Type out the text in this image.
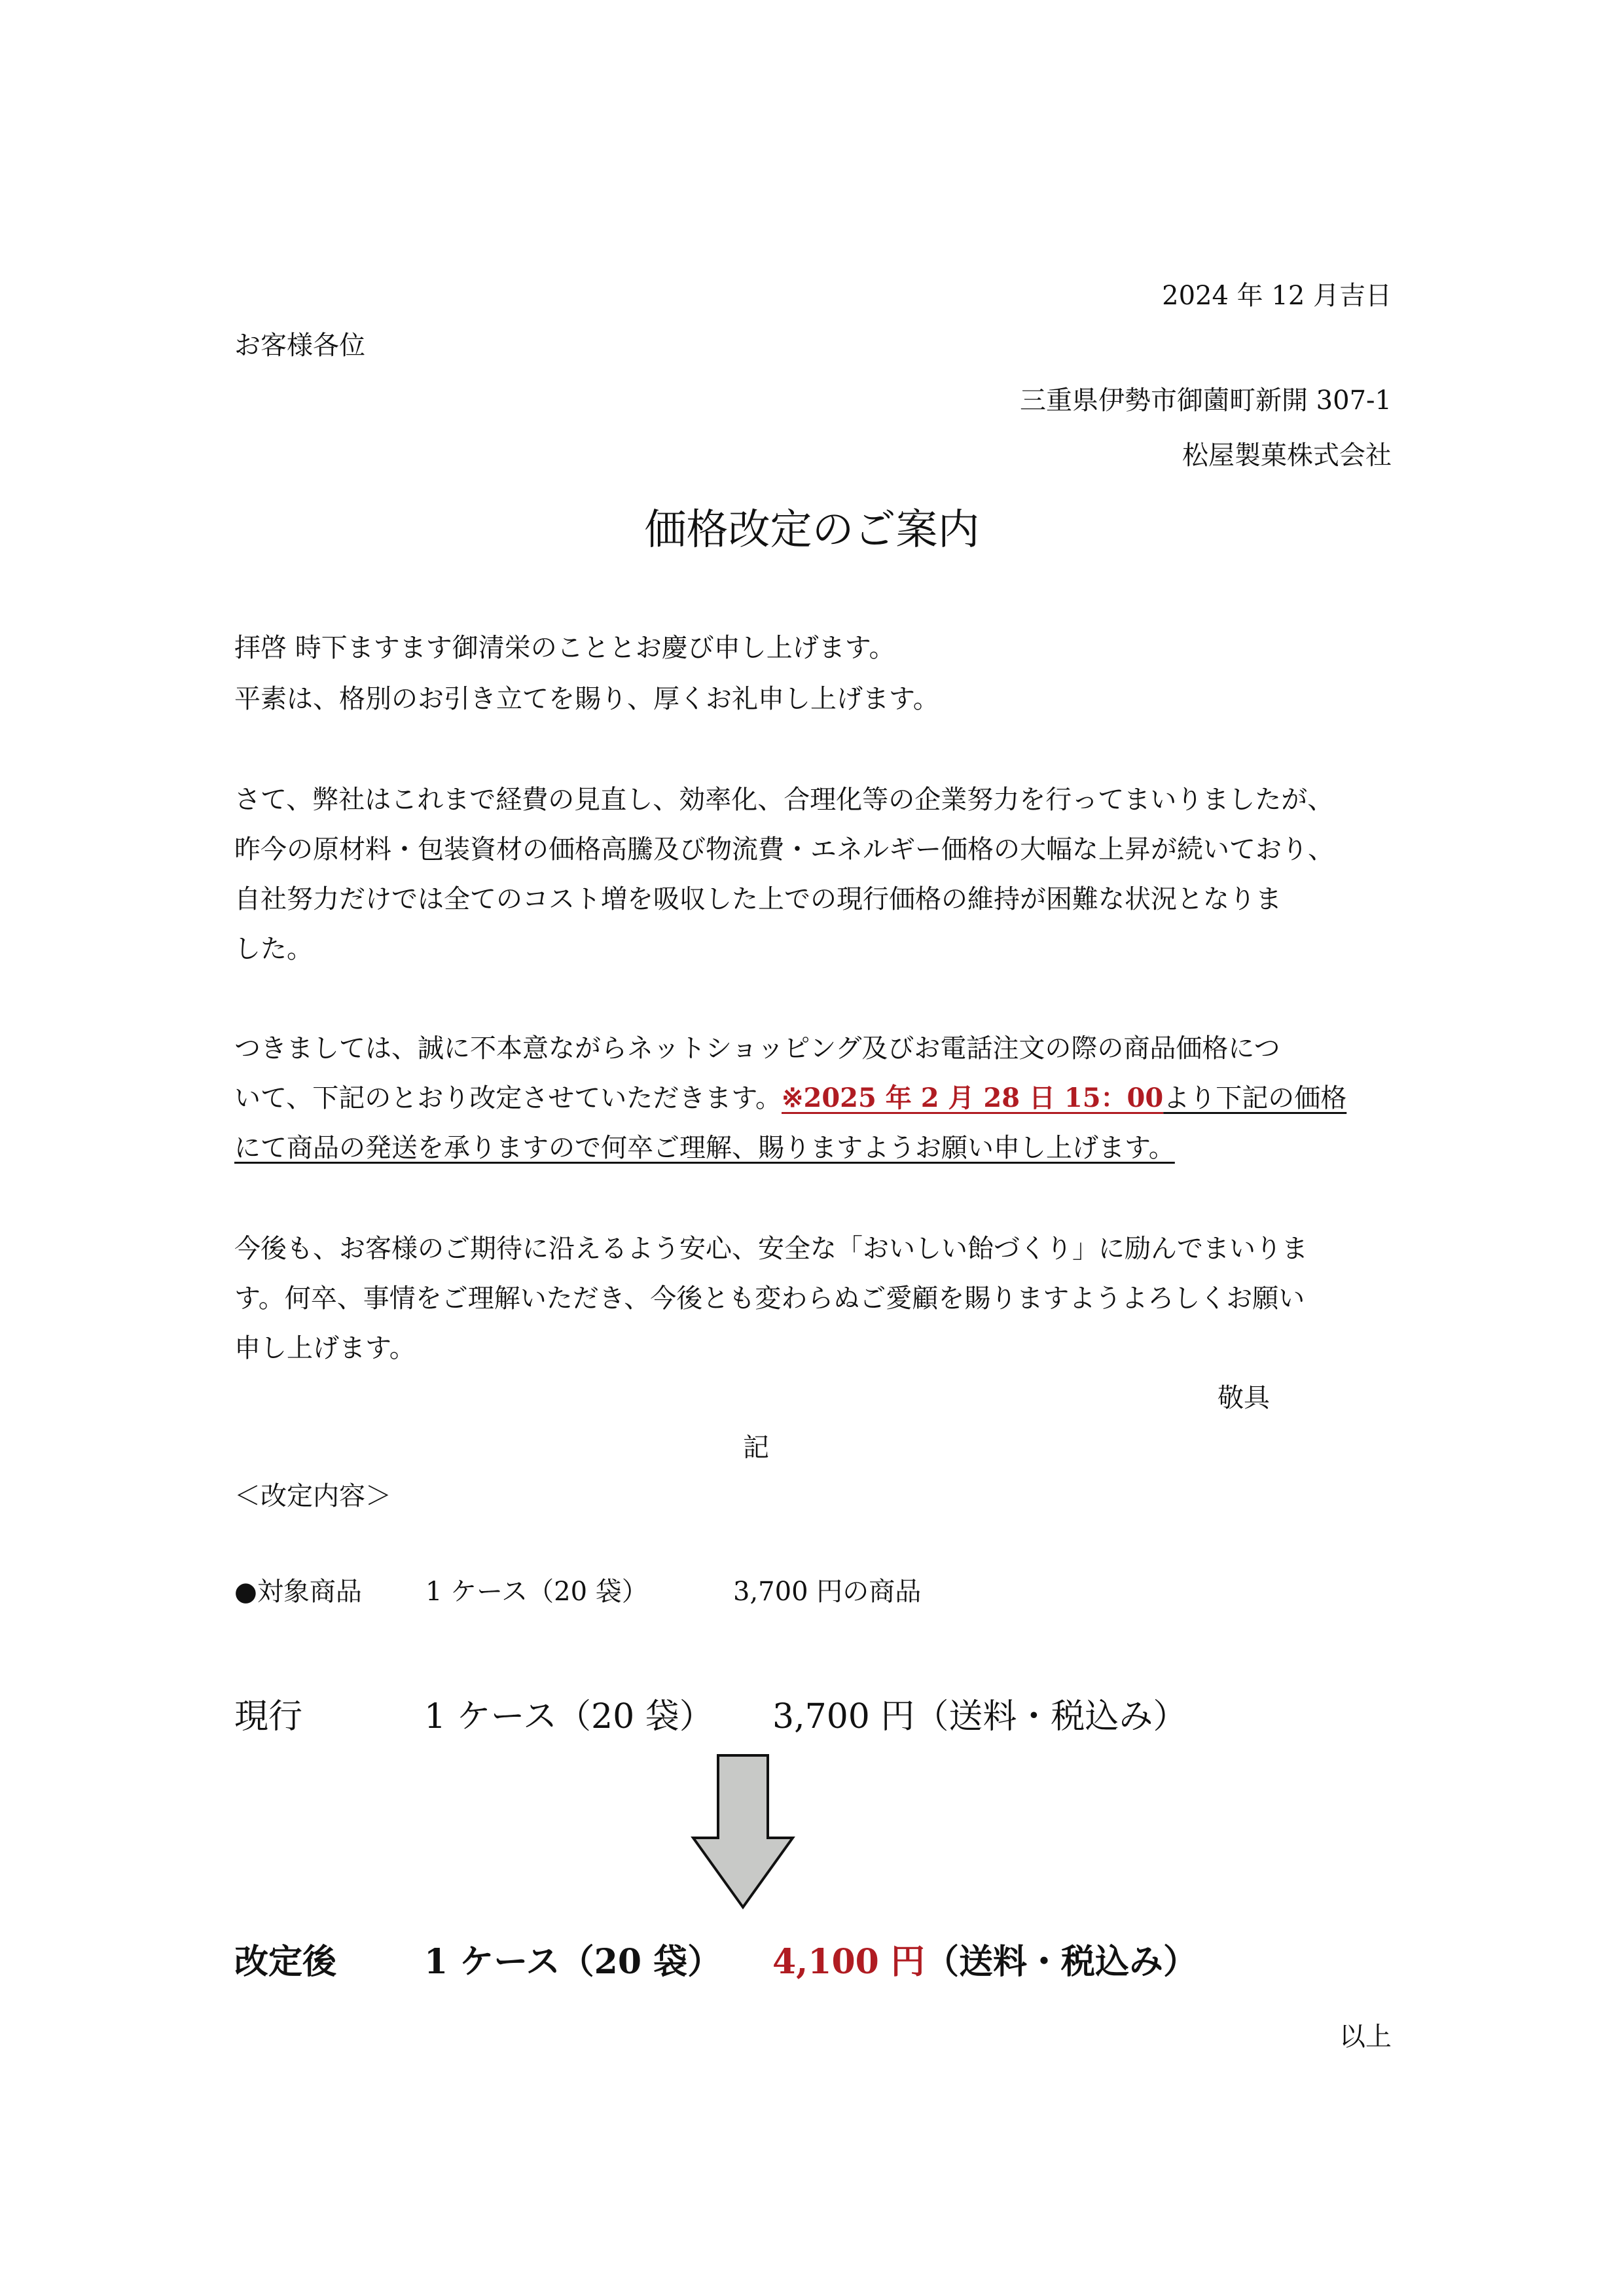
2024 年 12 月吉日
お客様各位
三重県伊勢市御薗町新開 307-1
松屋製菓株式会社
価格改定のご案内
拝啓 時下ますます御清栄のこととお慶び申し上げます。
平素は、格別のお引き立てを賜り、厚くお礼申し上げます。
さて、弊社はこれまで経費の見直し、効率化、合理化等の企業努力を行ってまいりましたが、
昨今の原材料・包装資材の価格高騰及び物流費・エネルギー価格の大幅な上昇が続いており、
自社努力だけでは全てのコスト増を吸収した上での現行価格の維持が困難な状況となりま
した。
つきましては、誠に不本意ながらネットショッピング及びお電話注文の際の商品価格につ
いて、下記のとおり改定させていただきます。※2025 年 2 月 28 日 15：00より下記の価格
にて商品の発送を承りますので何卒ご理解、賜りますようお願い申し上げます。
今後も、お客様のご期待に沿えるよう安心、安全な「おいしい飴づくり」に励んでまいりま
す。何卒、事情をご理解いただき、今後とも変わらぬご愛顧を賜りますようよろしくお願い
申し上げます。
敬具
記
＜改定内容＞
●対象商品 1 ケース（20 袋）	3,700 円の商品
現行	1 ケース（20 袋） 3,700 円（送料・税込み）
改定後	1 ケース（20 袋） 4,100 円（送料・税込み）
以上
